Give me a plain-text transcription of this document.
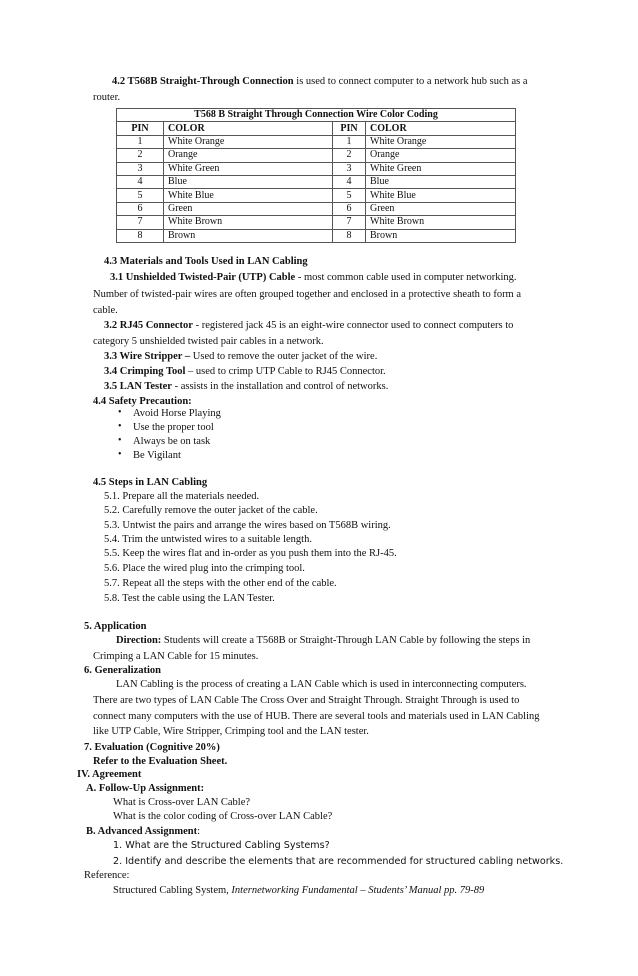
4.2 T568B Straight-Through Connection is used to connect computer to a network hub such as a
router.
T568 B Straight Through Connection Wire Color Coding			
PIN	COLOR	PIN	COLOR
1	White Orange	1	White Orange
2	Orange	2	Orange
3	White Green	3	White Green
4	Blue	4	Blue
5	White Blue	5	White Blue
6	Green	6	Green
7	White Brown	7	White Brown
8	Brown	8	Brown
4.3 Materials and Tools Used in LAN Cabling
3.1 Unshielded Twisted-Pair (UTP) Cable - most common cable used in computer networking.
Number of twisted-pair wires are often grouped together and enclosed in a protective sheath to form a
cable.
3.2 RJ45 Connector - registered jack 45 is an eight-wire connector used to connect computers to
category 5 unshielded twisted pair cables in a network.
3.3 Wire Stripper – Used to remove the outer jacket of the wire.
3.4 Crimping Tool – used to crimp UTP Cable to RJ45 Connector.
3.5 LAN Tester - assists in the installation and control of networks.
4.4 Safety Precaution:
• Avoid Horse Playing
• Use the proper tool
• Always be on task
• Be Vigilant
4.5 Steps in LAN Cabling
5.1. Prepare all the materials needed.
5.2. Carefully remove the outer jacket of the cable.
5.3. Untwist the pairs and arrange the wires based on T568B wiring.
5.4. Trim the untwisted wires to a suitable length.
5.5. Keep the wires flat and in-order as you push them into the RJ-45.
5.6. Place the wired plug into the crimping tool.
5.7. Repeat all the steps with the other end of the cable.
5.8. Test the cable using the LAN Tester.
5. Application
Direction: Students will create a T568B or Straight-Through LAN Cable by following the steps in
Crimping a LAN Cable for 15 minutes.
6. Generalization
LAN Cabling is the process of creating a LAN Cable which is used in interconnecting computers.
There are two types of LAN Cable The Cross Over and Straight Through. Straight Through is used to
connect many computers with the use of HUB. There are several tools and materials used in LAN Cabling
like UTP Cable, Wire Stripper, Crimping tool and the LAN tester.
7. Evaluation (Cognitive 20%)
Refer to the Evaluation Sheet.
IV. Agreement
A. Follow-Up Assignment:
What is Cross-over LAN Cable?
What is the color coding of Cross-over LAN Cable?
B. Advanced Assignment:
1. What are the Structured Cabling Systems?
2. Identify and describe the elements that are recommended for structured cabling networks.
Reference:
Structured Cabling System, Internetworking Fundamental – Students’ Manual pp. 79-89
